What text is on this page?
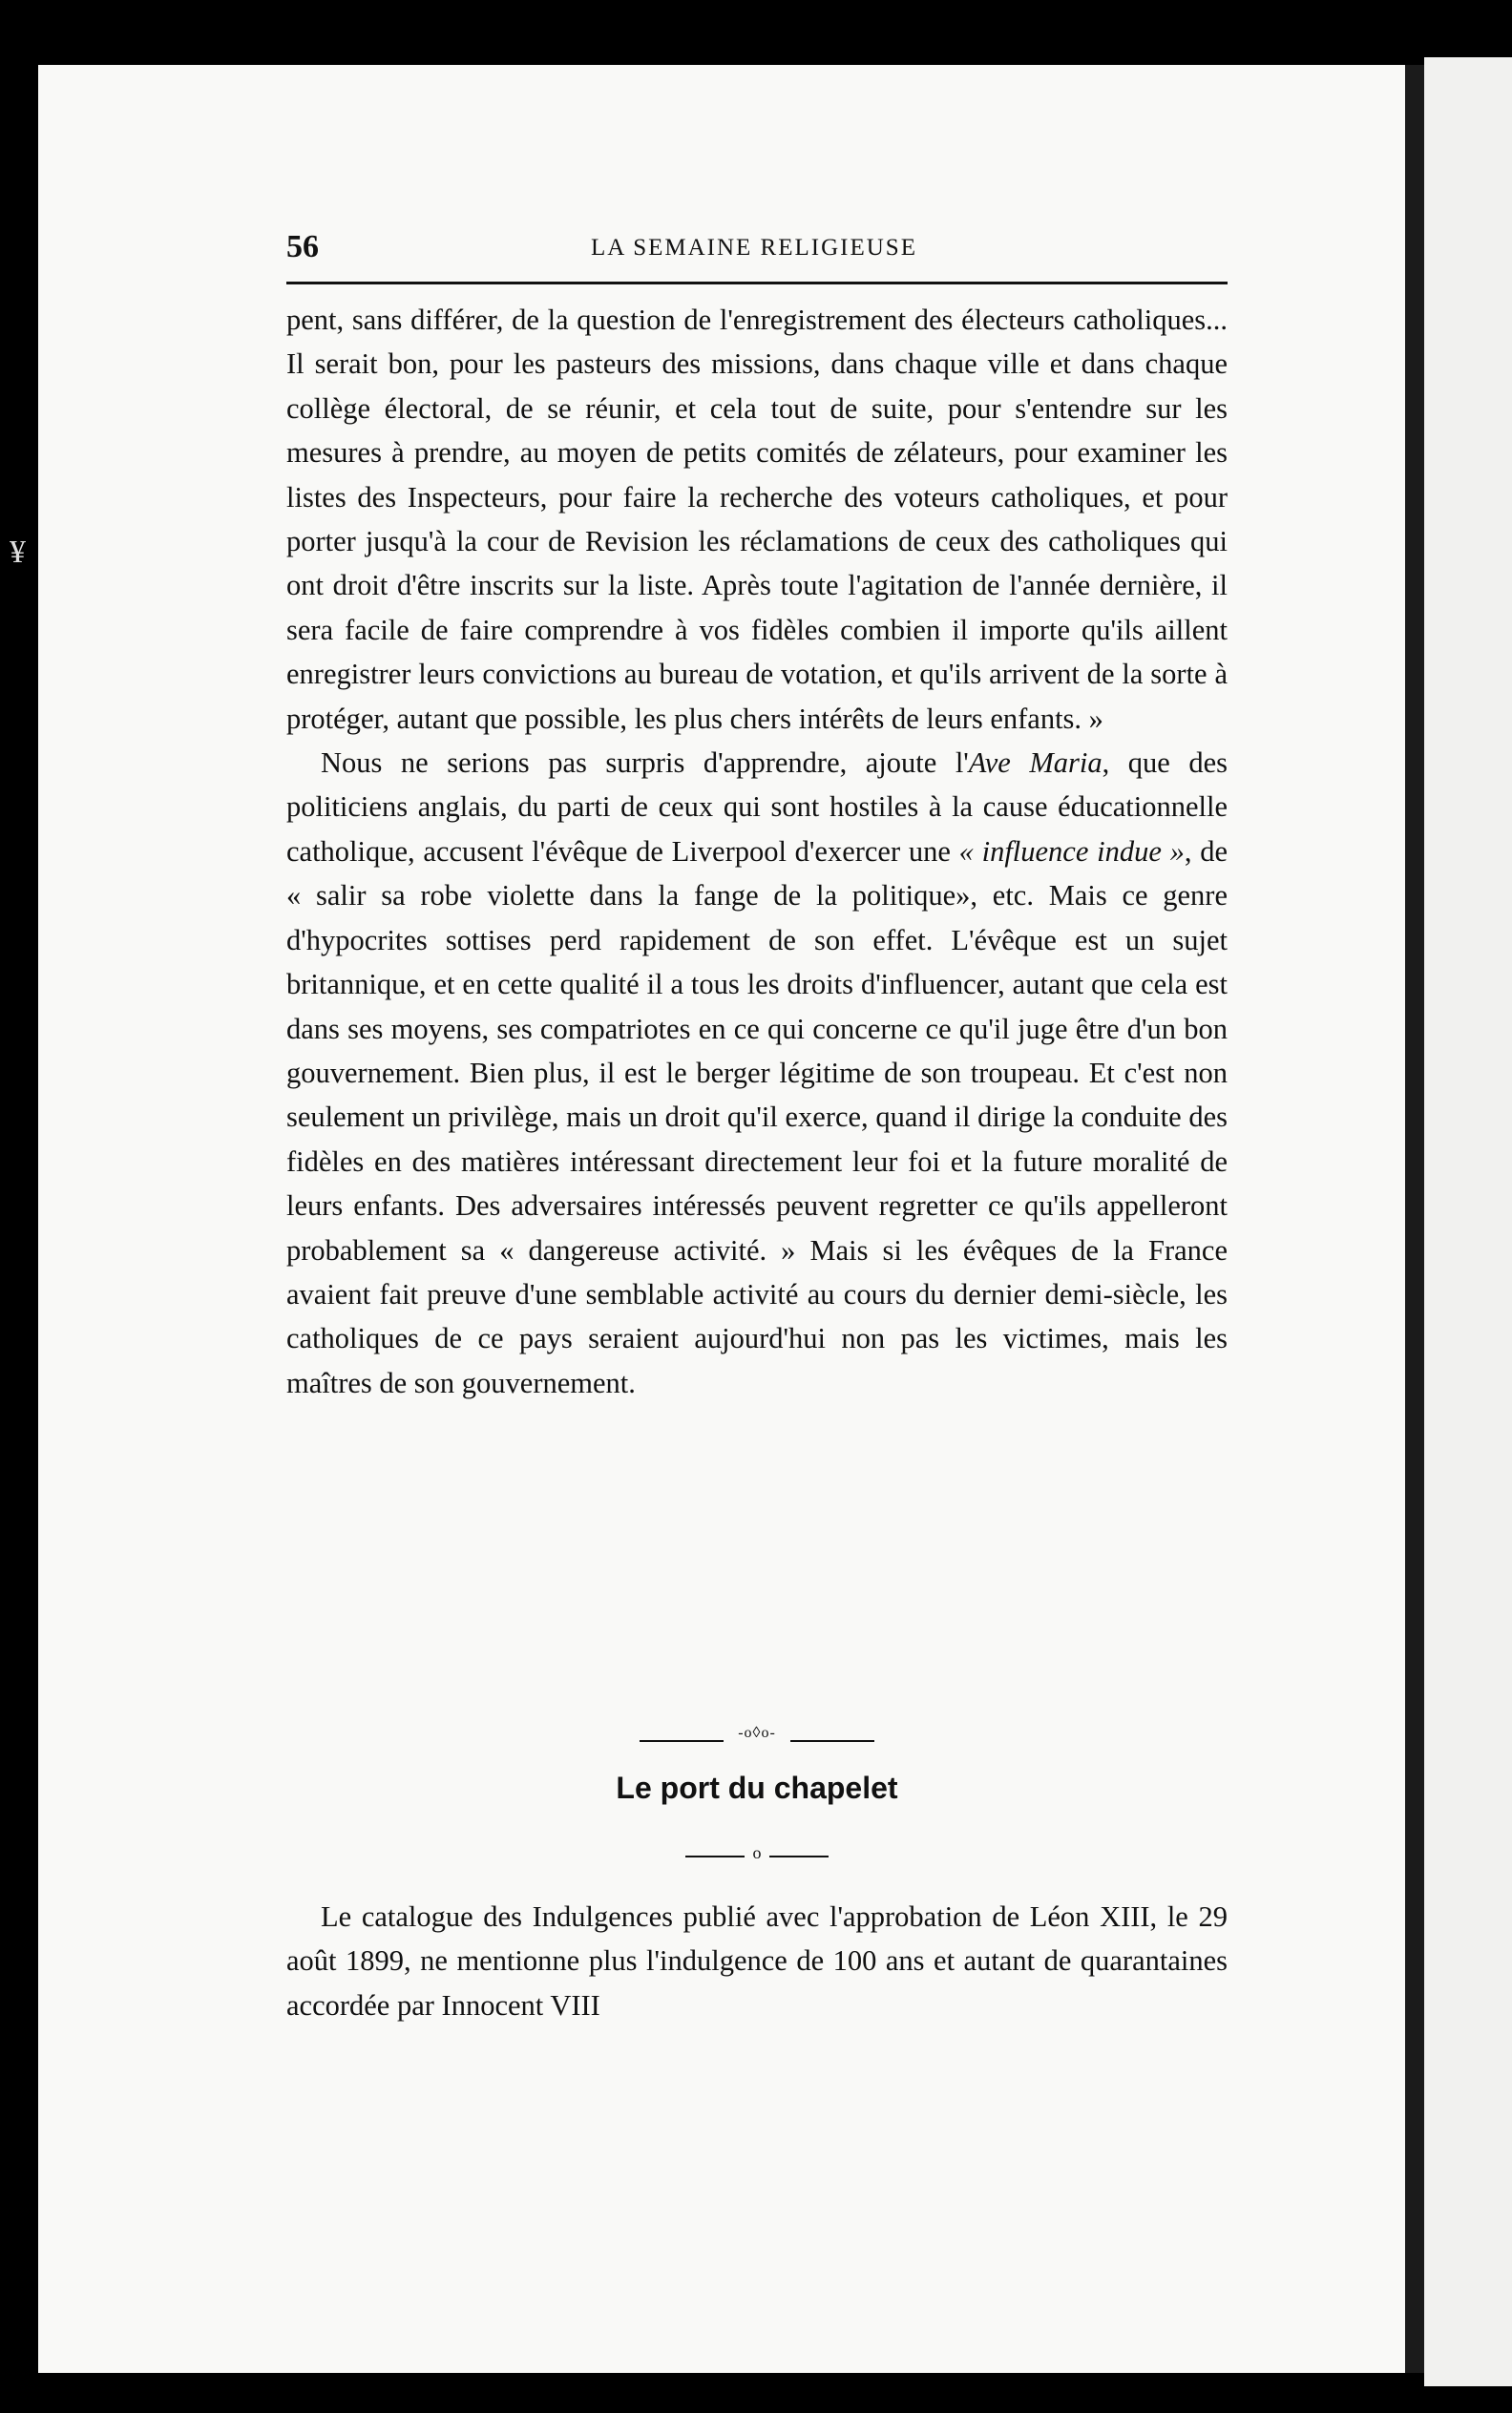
¥
56	LA SEMAINE RELIGIEUSE

pent, sans différer, de la question de l'enregistrement des électeurs catholiques... Il serait bon, pour les pasteurs des missions, dans chaque ville et dans chaque collège électoral, de se réunir, et cela tout de suite, pour s'entendre sur les mesures à prendre, au moyen de petits comités de zélateurs, pour examiner les listes des Inspecteurs, pour faire la recherche des voteurs catholiques, et pour porter jusqu'à la cour de Revision les réclamations de ceux des catholiques qui ont droit d'être inscrits sur la liste. Après toute l'agitation de l'année dernière, il sera facile de faire comprendre à vos fidèles combien il importe qu'ils aillent enregistrer leurs convictions au bureau de votation, et qu'ils arrivent de la sorte à protéger, autant que possible, les plus chers intérêts de leurs enfants. »

Nous ne serions pas surpris d'apprendre, ajoute l'Ave Maria, que des politiciens anglais, du parti de ceux qui sont hostiles à la cause éducationnelle catholique, accusent l'évêque de Liverpool d'exercer une « influence indue », de « salir sa robe violette dans la fange de la politique», etc. Mais ce genre d'hypocrites sottises perd rapidement de son effet. L'évêque est un sujet britannique, et en cette qualité il a tous les droits d'influencer, autant que cela est dans ses moyens, ses compatriotes en ce qui concerne ce qu'il juge être d'un bon gouvernement. Bien plus, il est le berger légitime de son troupeau. Et c'est non seulement un privilège, mais un droit qu'il exerce, quand il dirige la conduite des fidèles en des matières intéressant directement leur foi et la future moralité de leurs enfants. Des adversaires intéressés peuvent regretter ce qu'ils appelleront probablement sa « dangereuse activité. » Mais si les évêques de la France avaient fait preuve d'une semblable activité au cours du dernier demi-siècle, les catholiques de ce pays seraient aujourd'hui non pas les victimes, mais les maîtres de son gouvernement.

-o◊o-
Le port du chapelet
o

Le catalogue des Indulgences publié avec l'approbation de Léon XIII, le 29 août 1899, ne mentionne plus l'indulgence de 100 ans et autant de quarantaines accordée par Innocent VIII
